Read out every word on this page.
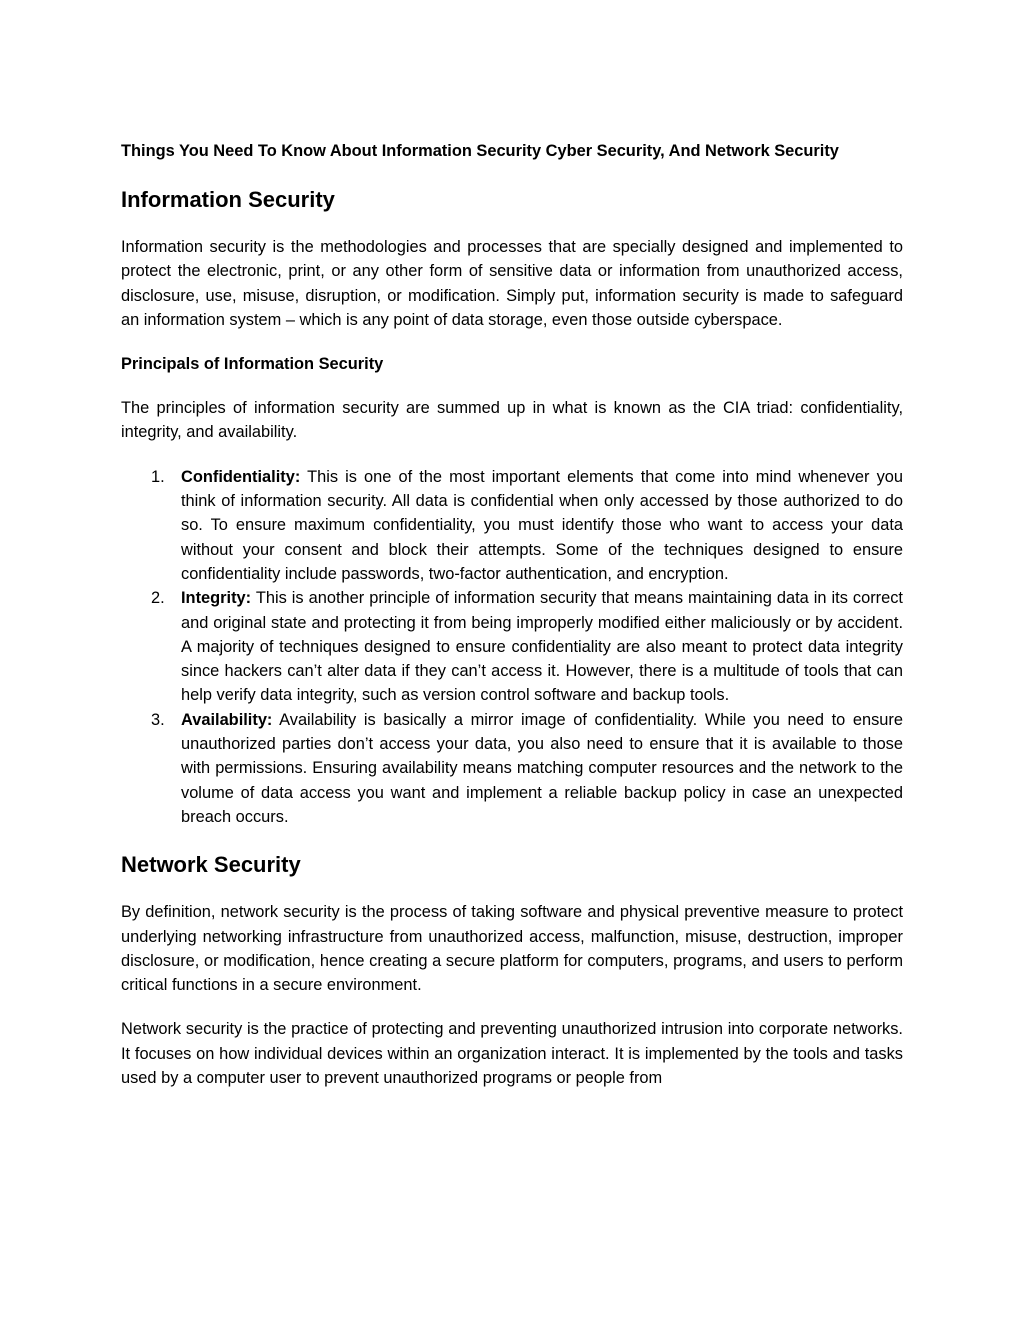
Things You Need To Know About Information Security Cyber Security, And Network Security

Information Security

Information security is the methodologies and processes that are specially designed and implemented to protect the electronic, print, or any other form of sensitive data or information from unauthorized access, disclosure, use, misuse, disruption, or modification. Simply put, information security is made to safeguard an information system – which is any point of data storage, even those outside cyberspace.

Principals of Information Security

The principles of information security are summed up in what is known as the CIA triad: confidentiality, integrity, and availability.

1. Confidentiality: This is one of the most important elements that come into mind whenever you think of information security. All data is confidential when only accessed by those authorized to do so. To ensure maximum confidentiality, you must identify those who want to access your data without your consent and block their attempts. Some of the techniques designed to ensure confidentiality include passwords, two-factor authentication, and encryption.
2. Integrity: This is another principle of information security that means maintaining data in its correct and original state and protecting it from being improperly modified either maliciously or by accident. A majority of techniques designed to ensure confidentiality are also meant to protect data integrity since hackers can’t alter data if they can’t access it. However, there is a multitude of tools that can help verify data integrity, such as version control software and backup tools.
3. Availability: Availability is basically a mirror image of confidentiality. While you need to ensure unauthorized parties don’t access your data, you also need to ensure that it is available to those with permissions. Ensuring availability means matching computer resources and the network to the volume of data access you want and implement a reliable backup policy in case an unexpected breach occurs.
Network Security

By definition, network security is the process of taking software and physical preventive measure to protect underlying networking infrastructure from unauthorized access, malfunction, misuse, destruction, improper disclosure, or modification, hence creating a secure platform for computers, programs, and users to perform critical functions in a secure environment.

Network security is the practice of protecting and preventing unauthorized intrusion into corporate networks. It focuses on how individual devices within an organization interact. It is implemented by the tools and tasks used by a computer user to prevent unauthorized programs or people from
